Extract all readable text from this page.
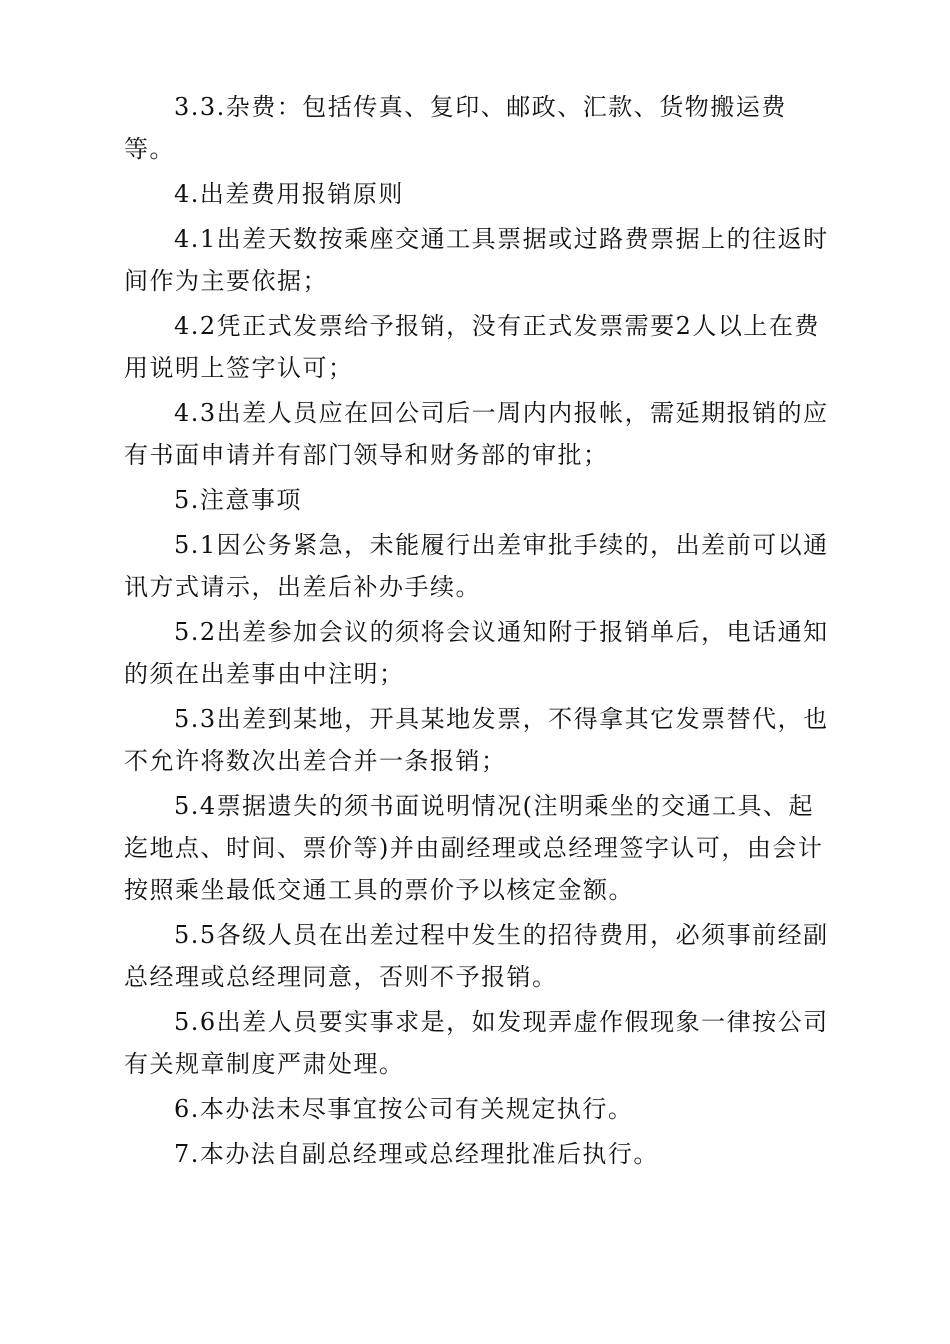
3.3.杂费：包括传真、复印、邮政、汇款、货物搬运费等。

4.出差费用报销原则

4.1出差天数按乘座交通工具票据或过路费票据上的往返时间作为主要依据；

4.2凭正式发票给予报销，没有正式发票需要2人以上在费用说明上签字认可；

4.3出差人员应在回公司后一周内内报帐，需延期报销的应有书面申请并有部门领导和财务部的审批；

5.注意事项

5.1因公务紧急，未能履行出差审批手续的，出差前可以通讯方式请示，出差后补办手续。

5.2出差参加会议的须将会议通知附于报销单后，电话通知的须在出差事由中注明；

5.3出差到某地，开具某地发票，不得拿其它发票替代，也不允许将数次出差合并一条报销；

5.4票据遗失的须书面说明情况(注明乘坐的交通工具、起迄地点、时间、票价等)并由副经理或总经理签字认可，由会计按照乘坐最低交通工具的票价予以核定金额。

5.5各级人员在出差过程中发生的招待费用，必须事前经副总经理或总经理同意，否则不予报销。

5.6出差人员要实事求是，如发现弄虚作假现象一律按公司有关规章制度严肃处理。

6.本办法未尽事宜按公司有关规定执行。

7.本办法自副总经理或总经理批准后执行。
